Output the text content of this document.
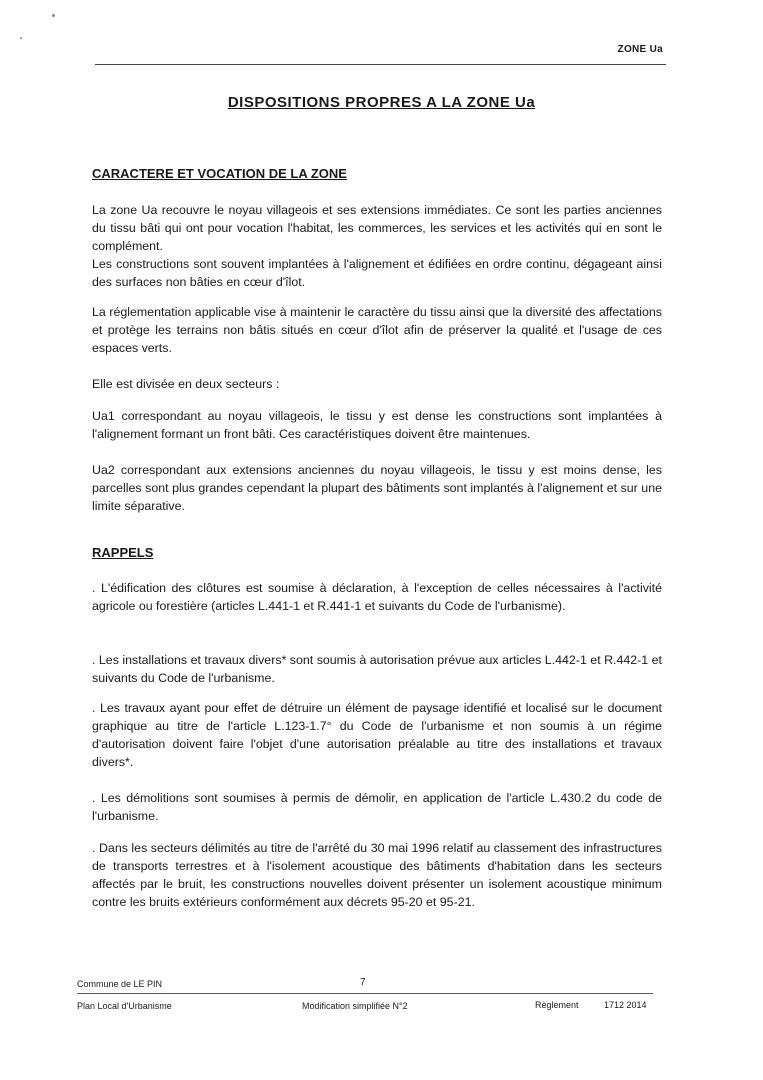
ZONE Ua
DISPOSITIONS PROPRES A LA ZONE Ua
CARACTERE ET VOCATION DE LA ZONE

La zone Ua recouvre le noyau villageois et ses extensions immédiates. Ce sont les parties anciennes du tissu bâti qui ont pour vocation l'habitat, les commerces, les services et les activités qui en sont le complément.

Les constructions sont souvent implantées à l'alignement et édifiées en ordre continu, dégageant ainsi des surfaces non bâties en cœur d'îlot.

La réglementation applicable vise à maintenir le caractère du tissu ainsi que la diversité des affectations et protège les terrains non bâtis situés en cœur d'îlot afin de préserver la qualité et l'usage de ces espaces verts.

Elle est divisée en deux secteurs :

Ua1 correspondant au noyau villageois, le tissu y est dense les constructions sont implantées à l'alignement formant un front bâti. Ces caractéristiques doivent être maintenues.

Ua2 correspondant aux extensions anciennes du noyau villageois, le tissu y est moins dense, les parcelles sont plus grandes cependant la plupart des bâtiments sont implantés à l'alignement et sur une limite séparative.

RAPPELS

. L'édification des clôtures est soumise à déclaration, à l'exception de celles nécessaires à l'activité agricole ou forestière (articles L.441-1 et R.441-1 et suivants du Code de l'urbanisme).

. Les installations et travaux divers* sont soumis à autorisation prévue aux articles L.442-1 et R.442-1 et suivants du Code de l'urbanisme.

. Les travaux ayant pour effet de détruire un élément de paysage identifié et localisé sur le document graphique au titre de l'article L.123-1.7° du Code de l'urbanisme et non soumis à un régime d'autorisation doivent faire l'objet d'une autorisation préalable au titre des installations et travaux divers*.

. Les démolitions sont soumises à permis de démolir, en application de l'article L.430.2 du code de l'urbanisme.

. Dans les secteurs délimités au titre de l'arrêté du 30 mai 1996 relatif au classement des infrastructures de transports terrestres et à l'isolement acoustique des bâtiments d'habitation dans les secteurs affectés par le bruit, les constructions nouvelles doivent présenter un isolement acoustique minimum contre les bruits extérieurs conformément aux décrets 95-20 et 95-21.

Commune de LE PIN	7
Plan Local d'Urbanisme	Modification simplifiée N°2	Règlement	1712 2014
